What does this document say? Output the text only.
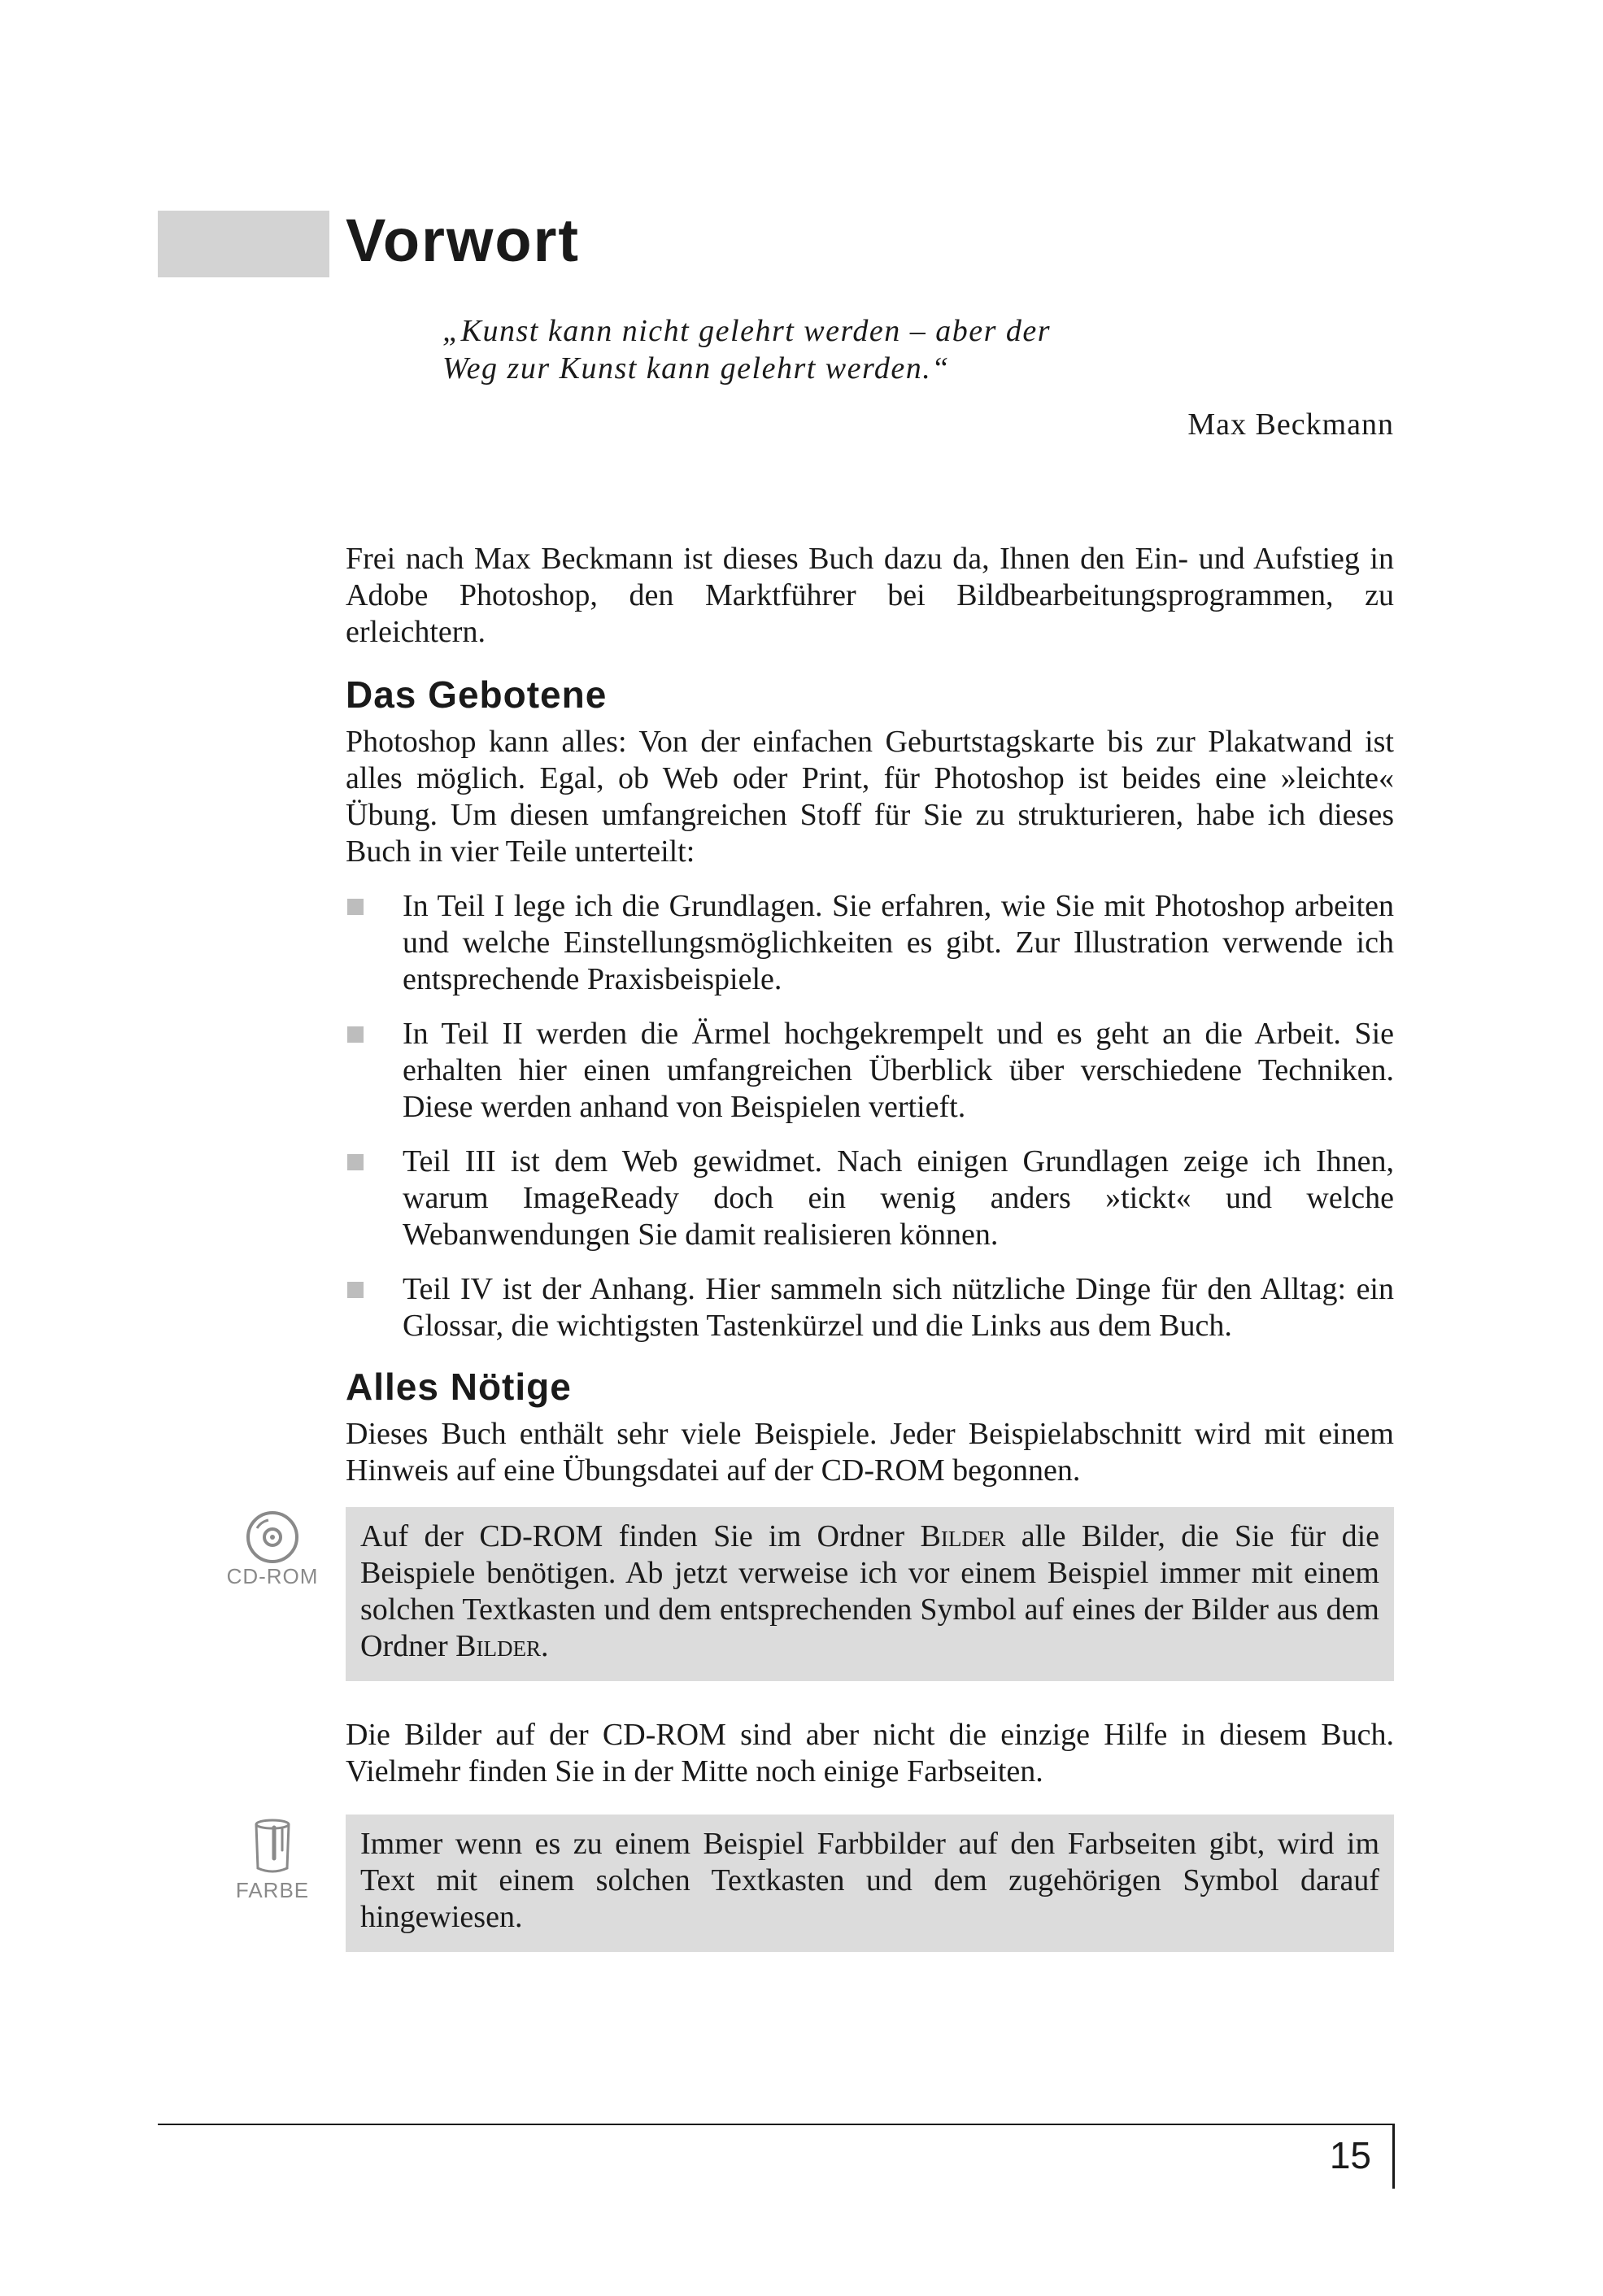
Vorwort
„Kunst kann nicht gelehrt werden – aber der
Weg zur Kunst kann gelehrt werden.“
Max Beckmann

Frei nach Max Beckmann ist dieses Buch dazu da, Ihnen den Ein- und Aufstieg in Adobe Photoshop, den Marktführer bei Bildbearbeitungsprogrammen, zu erleichtern.

Das Gebotene

Photoshop kann alles: Von der einfachen Geburtstagskarte bis zur Plakatwand ist alles möglich. Egal, ob Web oder Print, für Photoshop ist beides eine »leichte« Übung. Um diesen umfangreichen Stoff für Sie zu strukturieren, habe ich dieses Buch in vier Teile unterteilt:

In Teil I lege ich die Grundlagen. Sie erfahren, wie Sie mit Photoshop arbeiten und welche Einstellungsmöglichkeiten es gibt. Zur Illustration verwende ich entsprechende Praxisbeispiele.
In Teil II werden die Ärmel hochgekrempelt und es geht an die Arbeit. Sie erhalten hier einen umfangreichen Überblick über verschiedene Techniken. Diese werden anhand von Beispielen vertieft.
Teil III ist dem Web gewidmet. Nach einigen Grundlagen zeige ich Ihnen, warum ImageReady doch ein wenig anders »tickt« und welche Webanwendungen Sie damit realisieren können.
Teil IV ist der Anhang. Hier sammeln sich nützliche Dinge für den Alltag: ein Glossar, die wichtigsten Tastenkürzel und die Links aus dem Buch.
Alles Nötige

Dieses Buch enthält sehr viele Beispiele. Jeder Beispielabschnitt wird mit einem Hinweis auf eine Übungsdatei auf der CD-ROM begonnen.

CD-ROM
Auf der CD-ROM finden Sie im Ordner Bilder alle Bilder, die Sie für die Beispiele benötigen. Ab jetzt verweise ich vor einem Beispiel immer mit einem solchen Textkasten und dem entsprechenden Symbol auf eines der Bilder aus dem Ordner Bilder.

Die Bilder auf der CD-ROM sind aber nicht die einzige Hilfe in diesem Buch. Vielmehr finden Sie in der Mitte noch einige Farbseiten.

FARBE
Immer wenn es zu einem Beispiel Farbbilder auf den Farbseiten gibt, wird im Text mit einem solchen Textkasten und dem zugehörigen Symbol darauf hingewiesen.
15
